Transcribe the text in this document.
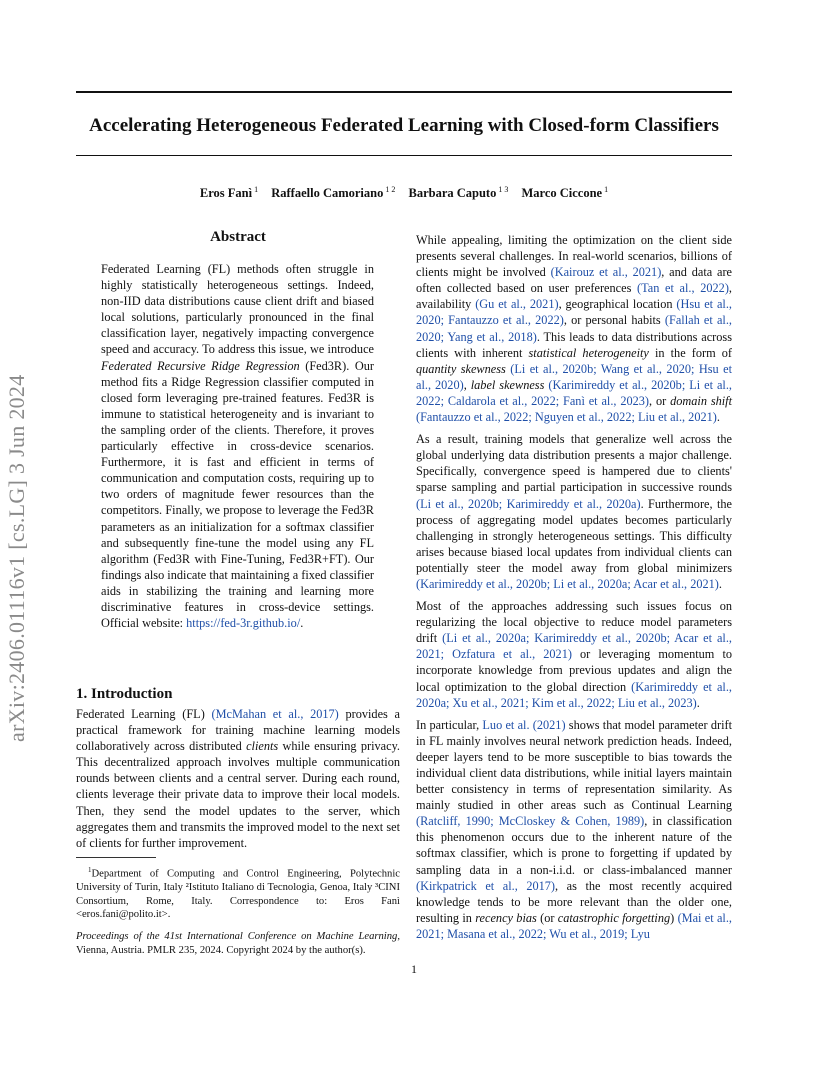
Accelerating Heterogeneous Federated Learning with Closed-form Classifiers
Eros Fanì $^1$ Raffaello Camoriano $^{1 2}$ Barbara Caputo $^{1 3}$ Marco Ciccone $^1$
arXiv:2406.01116v1 [cs.LG] 3 Jun 2024
Abstract

Federated Learning (FL) methods often struggle in highly statistically heterogeneous settings. Indeed, non-IID data distributions cause client drift and biased local solutions, particularly pronounced in the final classification layer, negatively impacting convergence speed and accuracy. To address this issue, we introduce Federated Recursive Ridge Regression (Fed3R). Our method fits a Ridge Regression classifier computed in closed form leveraging pre-trained features. Fed3R is immune to statistical heterogeneity and is invariant to the sampling order of the clients. Therefore, it proves particularly effective in cross-device scenarios. Furthermore, it is fast and efficient in terms of communication and computation costs, requiring up to two orders of magnitude fewer resources than the competitors. Finally, we propose to leverage the Fed3R parameters as an initialization for a softmax classifier and subsequently fine-tune the model using any FL algorithm (Fed3R with Fine-Tuning, Fed3R+FT). Our findings also indicate that maintaining a fixed classifier aids in stabilizing the training and learning more discriminative features in cross-device settings. Official website: https://fed-3r.github.io/.

1. Introduction

Federated Learning (FL) (McMahan et al., 2017) provides a practical framework for training machine learning models collaboratively across distributed clients while ensuring privacy. This decentralized approach involves multiple communication rounds between clients and a central server. During each round, clients leverage their private data to improve their local models. Then, they send the model updates to the server, which aggregates them and transmits the improved model to the next set of clients for further improvement.

$^1$Department of Computing and Control Engineering, Polytechnic University of Turin, Italy ²Istituto Italiano di Tecnologia, Genoa, Italy ³CINI Consortium, Rome, Italy. Correspondence to: Eros Fanì <eros.fani@polito.it>.

Proceedings of the 41st International Conference on Machine Learning, Vienna, Austria. PMLR 235, 2024. Copyright 2024 by the author(s).

While appealing, limiting the optimization on the client side presents several challenges. In real-world scenarios, billions of clients might be involved (Kairouz et al., 2021), and data are often collected based on user preferences (Tan et al., 2022), availability (Gu et al., 2021), geographical location (Hsu et al., 2020; Fantauzzo et al., 2022), or personal habits (Fallah et al., 2020; Yang et al., 2018). This leads to data distributions across clients with inherent statistical heterogeneity in the form of quantity skewness (Li et al., 2020b; Wang et al., 2020; Hsu et al., 2020), label skewness (Karimireddy et al., 2020b; Li et al., 2022; Caldarola et al., 2022; Fanì et al., 2023), or domain shift (Fantauzzo et al., 2022; Nguyen et al., 2022; Liu et al., 2021).

As a result, training models that generalize well across the global underlying data distribution presents a major challenge. Specifically, convergence speed is hampered due to clients' sparse sampling and partial participation in successive rounds (Li et al., 2020b; Karimireddy et al., 2020a). Furthermore, the process of aggregating model updates becomes particularly challenging in strongly heterogeneous settings. This difficulty arises because biased local updates from individual clients can potentially steer the model away from global minimizers (Karimireddy et al., 2020b; Li et al., 2020a; Acar et al., 2021).

Most of the approaches addressing such issues focus on regularizing the local objective to reduce model parameters drift (Li et al., 2020a; Karimireddy et al., 2020b; Acar et al., 2021; Ozfatura et al., 2021) or leveraging momentum to incorporate knowledge from previous updates and align the local optimization to the global direction (Karimireddy et al., 2020a; Xu et al., 2021; Kim et al., 2022; Liu et al., 2023).

In particular, Luo et al. (2021) shows that model parameter drift in FL mainly involves neural network prediction heads. Indeed, deeper layers tend to be more susceptible to bias towards the individual client data distributions, while initial layers maintain better consistency in terms of representation similarity. As mainly studied in other areas such as Continual Learning (Ratcliff, 1990; McCloskey & Cohen, 1989), in classification this phenomenon occurs due to the inherent nature of the softmax classifier, which is prone to forgetting if updated by sampling data in a non-i.i.d. or class-imbalanced manner (Kirkpatrick et al., 2017), as the most recently acquired knowledge tends to be more relevant than the older one, resulting in recency bias (or catastrophic forgetting) (Mai et al., 2021; Masana et al., 2022; Wu et al., 2019; Lyu

1
